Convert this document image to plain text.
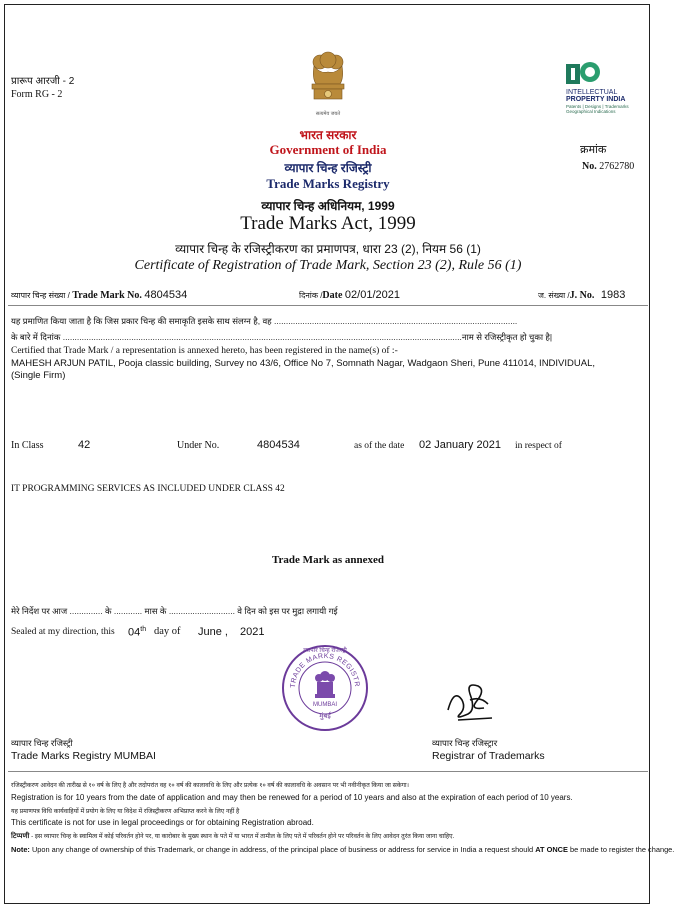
प्रारूप आरजी - 2
Form RG - 2
सत्यमेव जयते
INTELLECTUAL
PROPERTY INDIA
Patents | Designs | Trademarks
Geographical Indications
भारत सरकार
Government of India
व्यापार चिन्ह रजिस्ट्री
Trade Marks Registry
व्यापार चिन्ह अधिनियम, 1999
Trade Marks Act, 1999
व्यापार चिन्ह के रजिस्ट्रीकरण का प्रमाणपत्र, धारा 23 (2), नियम 56 (1)
Certificate of Registration of Trade Mark, Section 23 (2), Rule 56 (1)
क्रमांक
No. 2762780
व्यापार चिन्ह संख्या / Trade Mark No. 4804534	दिनांक /Date 02/01/2021	ज. संख्या /J. No. 1983
यह प्रमाणित किया जाता है कि जिस प्रकार चिन्ह की समाकृति इसके साथ संलग्न है, वह .......................................................................................................
के बारे में दिनांक .........................................................................................................................................................................नाम से रजिस्ट्रीकृत हो चुका है|
Certified that Trade Mark / a representation is annexed hereto, has been registered in the name(s) of :-
MAHESH ARJUN PATIL, Pooja classic building, Survey no 43/6, Office No 7, Somnath Nagar, Wadgaon Sheri, Pune 411014, INDIVIDUAL,
(Single Firm)
In Class	42	Under No.	4804534	as of the date 02 January 2021 in respect of
IT PROGRAMMING SERVICES AS INCLUDED UNDER CLASS 42
Trade Mark as annexed
मेरे निर्देश पर आज .............. के ............ मास के ............................ वे दिन को इस पर मुद्रा लगायी गई
Sealed at my direction, this 04th day of June , 2021
TRADE MARKS REGISTR
व्यापार चिन्ह रजिस्ट्री
MUMBAI
मुंबई
व्यापार चिन्ह रजिस्ट्री
Trade Marks Registry MUMBAI
व्यापार चिन्ह रजिस्ट्रार
Registrar of Trademarks
रजिस्ट्रीकरण आवेदन की तारीख से १० वर्ष के लिए है और तदोपरांत वह १० वर्ष की कालावधि के लिए और प्रत्येक १० वर्ष की कालावधि के अवसान पर भी नवीनीकृत किया जा सकेगा।
Registration is for 10 years from the date of application and may then be renewed for a period of 10 years and also at the expiration of each period of 10 years.
यह प्रमाणपत्र विधि कार्यवाहियों में प्रयोग के लिए या विदेश में रजिस्ट्रीकरण अभिप्राप्त करने के लिए नहीं है
This certificate is not for use in legal proceedings or for obtaining Registration abroad.
टिप्पणी - इस व्यापार चिन्ह के स्वामित्व में कोई परिवर्तन होने पर, या कारोबार के मुख्य स्थान के पते में या भारत में तामील के लिए पते में परिवर्तन होने पर परिवर्तन के लिए आवेदन तुरंत किया जाना चाहिए.
Note: Upon any change of ownership of this Trademark, or change in address, of the principal place of business or address for service in India a request should AT ONCE be made to register the change.
